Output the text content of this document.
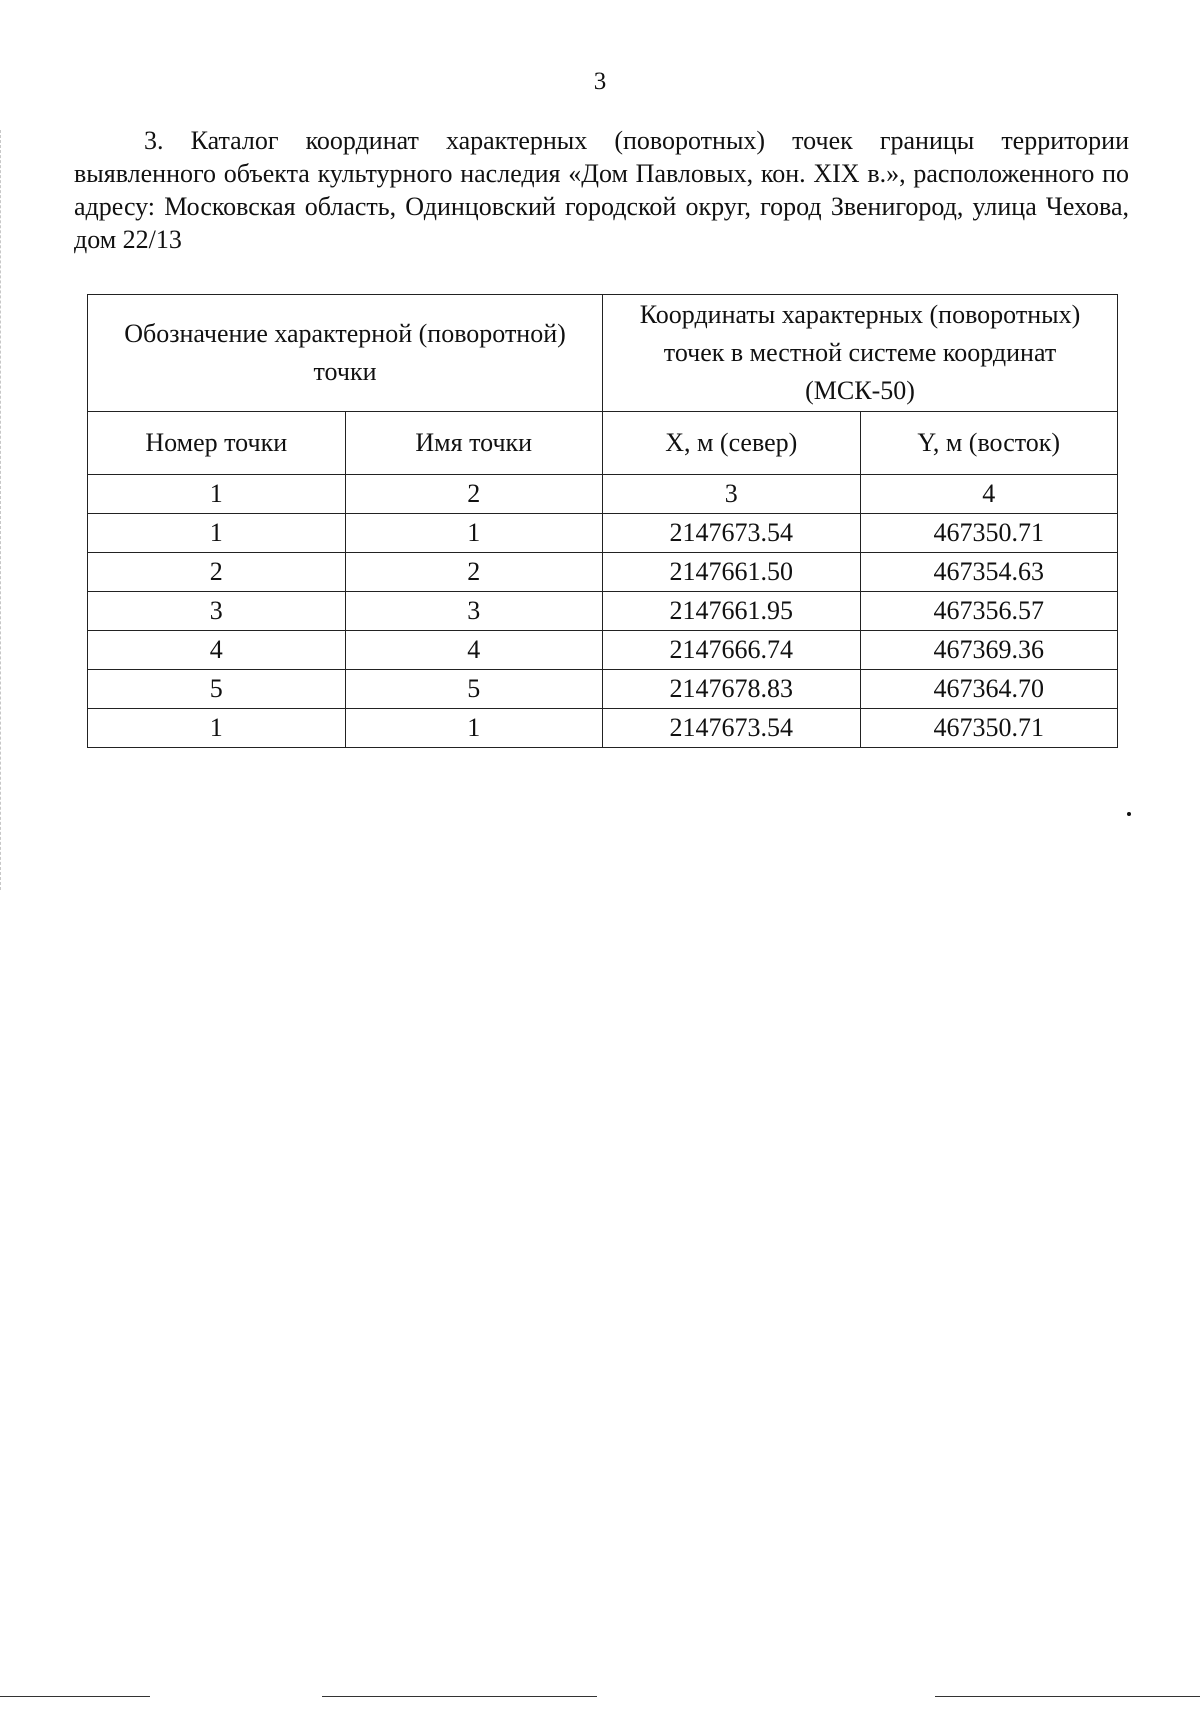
3

3. Каталог координат характерных (поворотных) точек границы территории выявленного объекта культурного наследия «Дом Павловых, кон. XIX в.», расположенного по адресу: Московская область, Одинцовский городской округ, город Звенигород, улица Чехова, дом 22/13

Обозначение характерной (поворотной) точки		Координаты характерных (поворотных) точек в местной системе координат (МСК-50)	
Номер точки	Имя точки	X, м (север)	Y, м (восток)
1	2	3	4
1	1	2147673.54	467350.71
2	2	2147661.50	467354.63
3	3	2147661.95	467356.57
4	4	2147666.74	467369.36
5	5	2147678.83	467364.70
1	1	2147673.54	467350.71
